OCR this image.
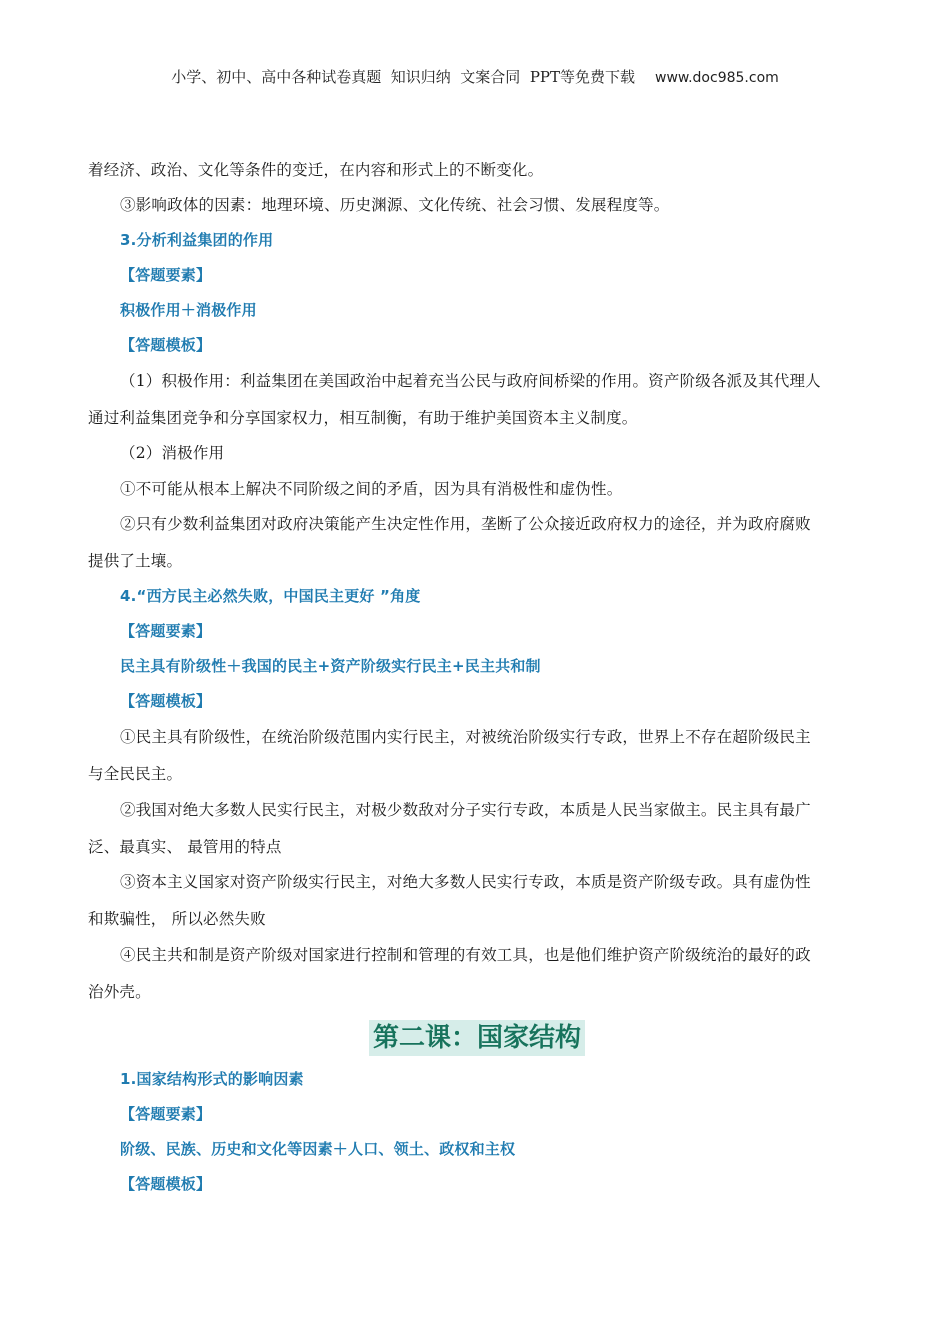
小学、初中、高中各种试卷真题  知识归纳  文案合同  PPT等免费下载 www.doc985.com
着经济、政治、文化等条件的变迁，在内容和形式上的不断变化。
③影响政体的因素：地理环境、历史渊源、文化传统、社会习惯、发展程度等。
3.分析利益集团的作用
【答题要素】
积极作用＋消极作用
【答题模板】
（1）积极作用：利益集团在美国政治中起着充当公民与政府间桥梁的作用。资产阶级各派及其代理人
通过利益集团竞争和分享国家权力，相互制衡，有助于维护美国资本主义制度。
（2）消极作用
①不可能从根本上解决不同阶级之间的矛盾，因为具有消极性和虚伪性。
②只有少数利益集团对政府决策能产生决定性作用，垄断了公众接近政府权力的途径，并为政府腐败
提供了土壤。
4.“西方民主必然失败，中国民主更好 ”角度
【答题要素】
民主具有阶级性＋我国的民主+资产阶级实行民主+民主共和制
【答题模板】
①民主具有阶级性，在统治阶级范围内实行民主，对被统治阶级实行专政，世界上不存在超阶级民主
与全民民主。
②我国对绝大多数人民实行民主，对极少数敌对分子实行专政，本质是人民当家做主。民主具有最广
泛、最真实、 最管用的特点
③资本主义国家对资产阶级实行民主，对绝大多数人民实行专政，本质是资产阶级专政。具有虚伪性
和欺骗性， 所以必然失败
④民主共和制是资产阶级对国家进行控制和管理的有效工具，也是他们维护资产阶级统治的最好的政
治外壳。
第二课：国家结构
1.国家结构形式的影响因素
【答题要素】
阶级、民族、历史和文化等因素＋人口、领土、政权和主权
【答题模板】
